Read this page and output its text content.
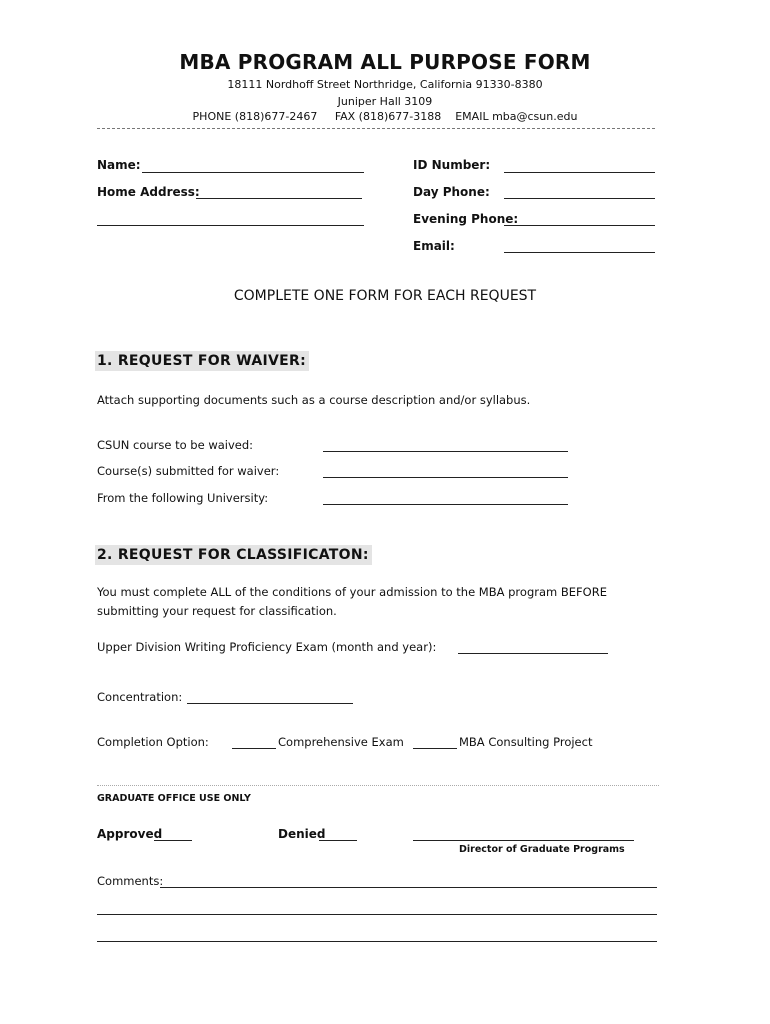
MBA PROGRAM ALL PURPOSE FORM
18111 Nordhoff Street Northridge, California 91330-8380
Juniper Hall 3109
PHONE (818)677-2467 FAX (818)677-3188 EMAIL mba@csun.edu
Name:
Home Address:
ID Number:
Day Phone:
Evening Phone:
Email:
COMPLETE ONE FORM FOR EACH REQUEST
1. REQUEST FOR WAIVER:
Attach supporting documents such as a course description and/or syllabus.
CSUN course to be waived:
Course(s) submitted for waiver:
From the following University:
2. REQUEST FOR CLASSIFICATON:
You must complete ALL of the conditions of your admission to the MBA program BEFORE
submitting your request for classification.
Upper Division Writing Proficiency Exam (month and year):
Concentration:
Completion Option:	Comprehensive Exam	MBA Consulting Project
GRADUATE OFFICE USE ONLY
Approved	Denied
Director of Graduate Programs
Comments:
